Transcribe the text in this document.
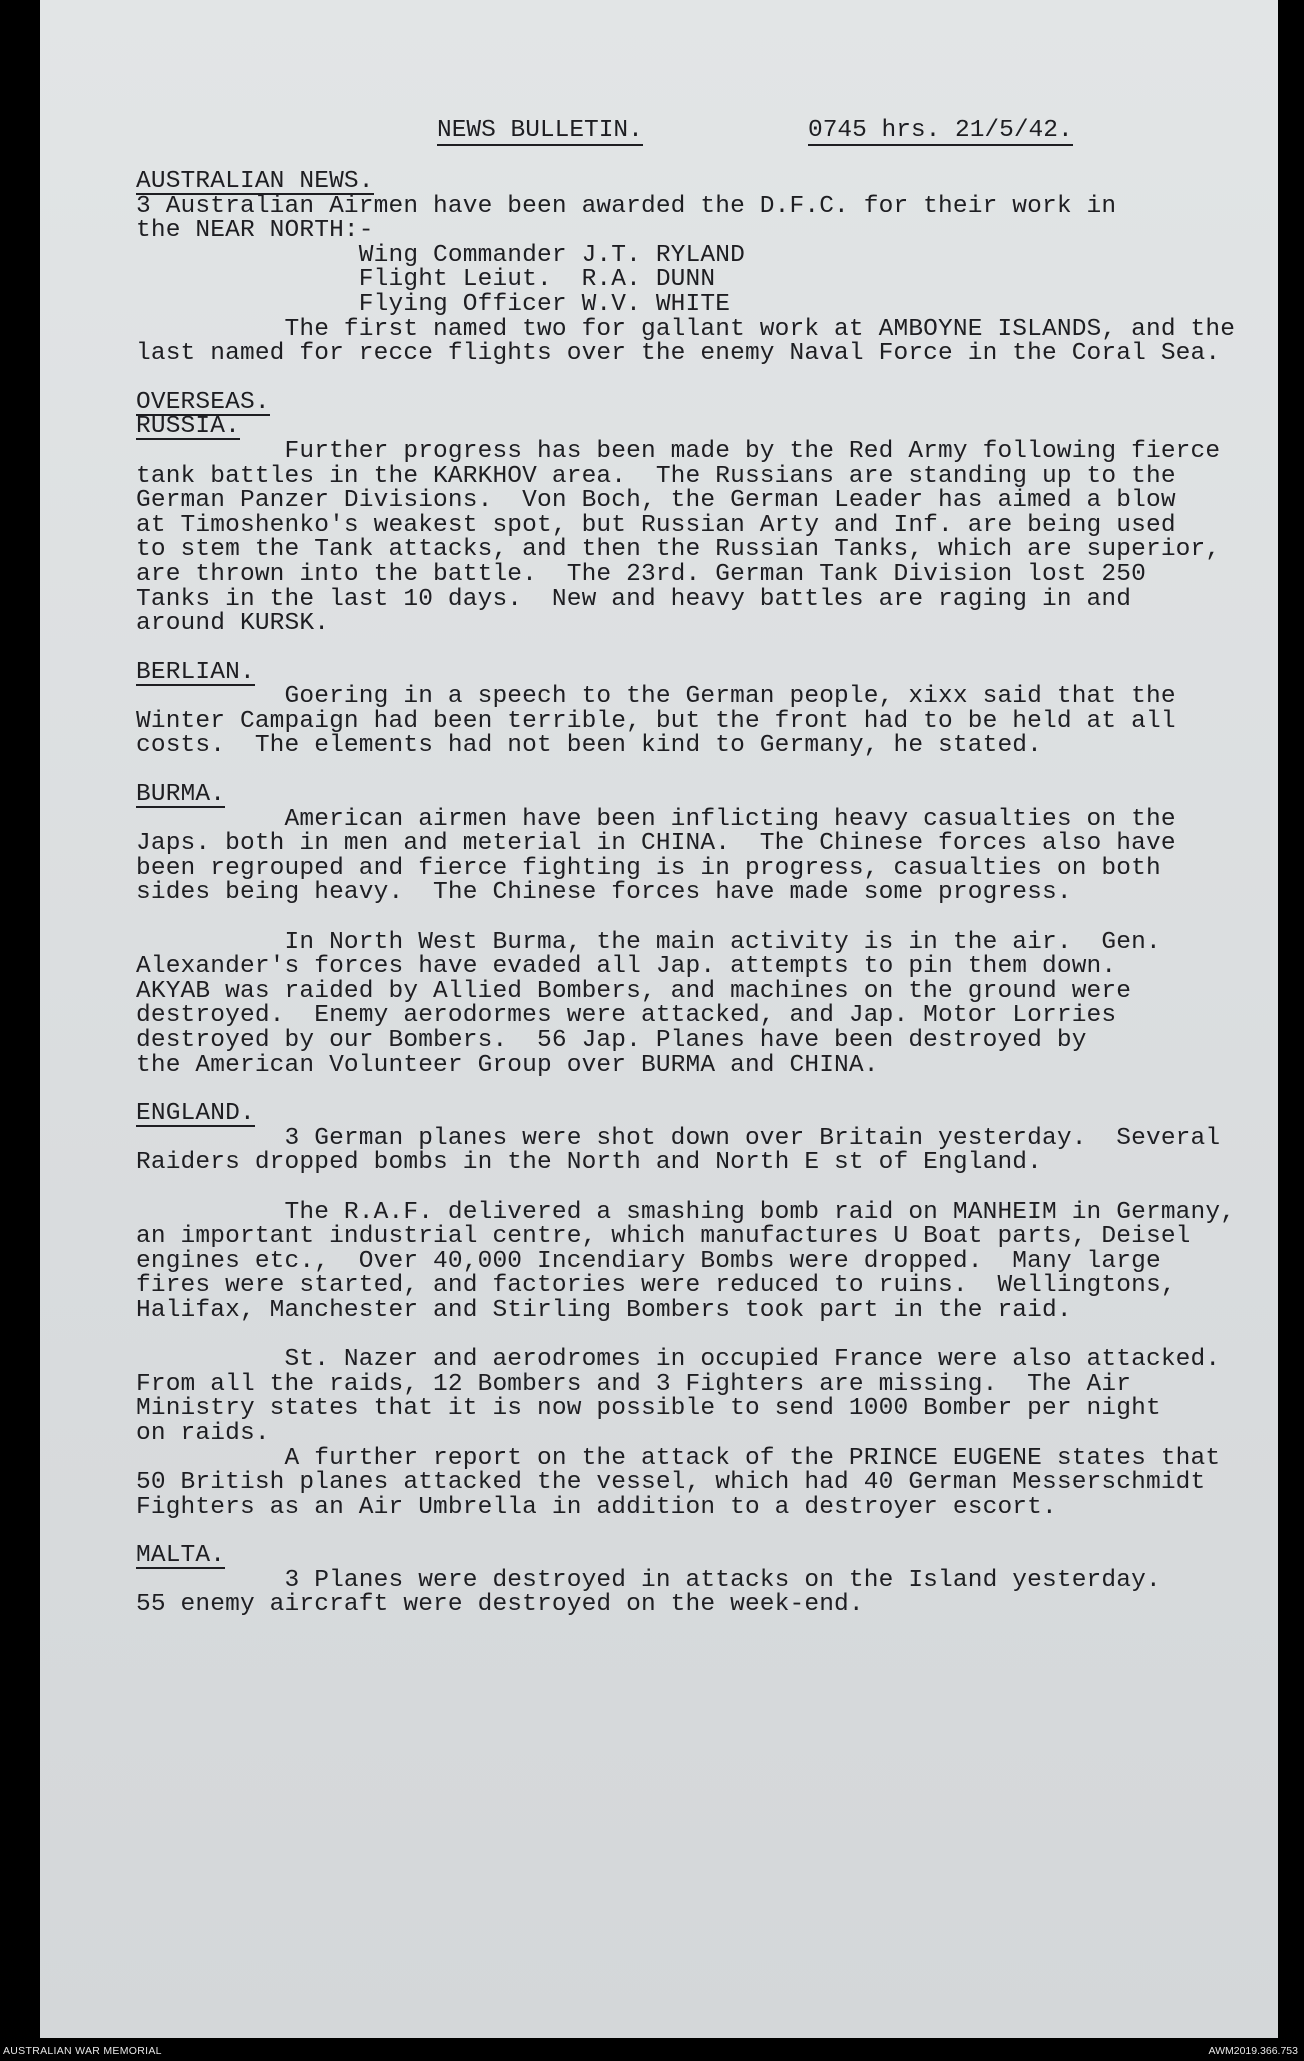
NEWS BULLETIN.	0745 hrs. 21/5/42.
AUSTRALIAN NEWS.
3 Australian Airmen have been awarded the D.F.C. for their work in
the NEAR NORTH:-
Wing Commander J.T. RYLAND
Flight Leiut.  R.A. DUNN
Flying Officer W.V. WHITE
The first named two for gallant work at AMBOYNE ISLANDS, and the
last named for recce flights over the enemy Naval Force in the Coral Sea.
OVERSEAS.
RUSSIA.
Further progress has been made by the Red Army following fierce
tank battles in the KARKHOV area.  The Russians are standing up to the
German Panzer Divisions.  Von Boch, the German Leader has aimed a blow
at Timoshenko's weakest spot, but Russian Arty and Inf. are being used
to stem the Tank attacks, and then the Russian Tanks, which are superior,
are thrown into the battle.  The 23rd. German Tank Division lost 250
Tanks in the last 10 days.  New and heavy battles are raging in and
around KURSK.
BERLIAN.
Goering in a speech to the German people, xixx said that the
Winter Campaign had been terrible, but the front had to be held at all
costs.  The elements had not been kind to Germany, he stated.
BURMA.
American airmen have been inflicting heavy casualties on the
Japs. both in men and meterial in CHINA.  The Chinese forces also have
been regrouped and fierce fighting is in progress, casualties on both
sides being heavy.  The Chinese forces have made some progress.
In North West Burma, the main activity is in the air.  Gen.
Alexander's forces have evaded all Jap. attempts to pin them down.
AKYAB was raided by Allied Bombers, and machines on the ground were
destroyed.  Enemy aerodormes were attacked, and Jap. Motor Lorries
destroyed by our Bombers.  56 Jap. Planes have been destroyed by
the American Volunteer Group over BURMA and CHINA.
ENGLAND.
3 German planes were shot down over Britain yesterday.  Several
Raiders dropped bombs in the North and North E st of England.
The R.A.F. delivered a smashing bomb raid on MANHEIM in Germany,
an important industrial centre, which manufactures U Boat parts, Deisel
engines etc.,  Over 40,000 Incendiary Bombs were dropped.  Many large
fires were started, and factories were reduced to ruins.  Wellingtons,
Halifax, Manchester and Stirling Bombers took part in the raid.
St. Nazer and aerodromes in occupied France were also attacked.
From all the raids, 12 Bombers and 3 Fighters are missing.  The Air
Ministry states that it is now possible to send 1000 Bomber per night
on raids.
A further report on the attack of the PRINCE EUGENE states that
50 British planes attacked the vessel, which had 40 German Messerschmidt
Fighters as an Air Umbrella in addition to a destroyer escort.
MALTA.
3 Planes were destroyed in attacks on the Island yesterday.
55 enemy aircraft were destroyed on the week-end.
AUSTRALIAN WAR MEMORIAL	AWM2019.366.753
